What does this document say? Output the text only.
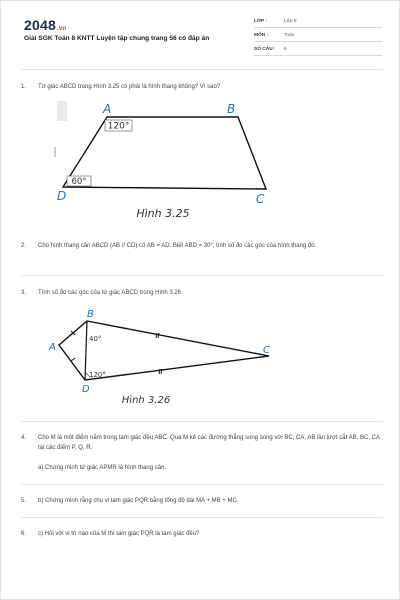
2048.vn
Giải SGK Toán 8 KNTT Luyện tập chung trang 56 có đáp án
LỚP :	Lớp 8
MÔN :	Toán
SỐ CÂU : 6
1. Tứ giác ABCD trong Hình 3.25 có phải là hình thang không? Vì sao?
120°
60°
A	B
C
D
Hình 3.25
2. Cho hình thang cân ABCD (AB // CD) có AB = AD. Biết ABD = 30°, tính số đo các góc của hình thang đó.
3. Tính số đo các góc của tứ giác ABCD trong Hình 3.26.
40°
120°
B
A	C
D
Hình 3.26
4. Cho M là một điểm nằm trong tam giác đều ABC. Qua M kẻ các đường thẳng song song với BC, CA, AB lần lượt cắt AB, BC, CA tại các điểm P, Q, R.
a) Chứng minh tứ giác APMR là hình thang cân.
5. b) Chứng minh rằng chu vi tam giác PQR bằng tổng độ dài MA + MB + MC.
6. c) Hỏi với vị trí nào của M thì tam giác PQR là tam giác đều?
